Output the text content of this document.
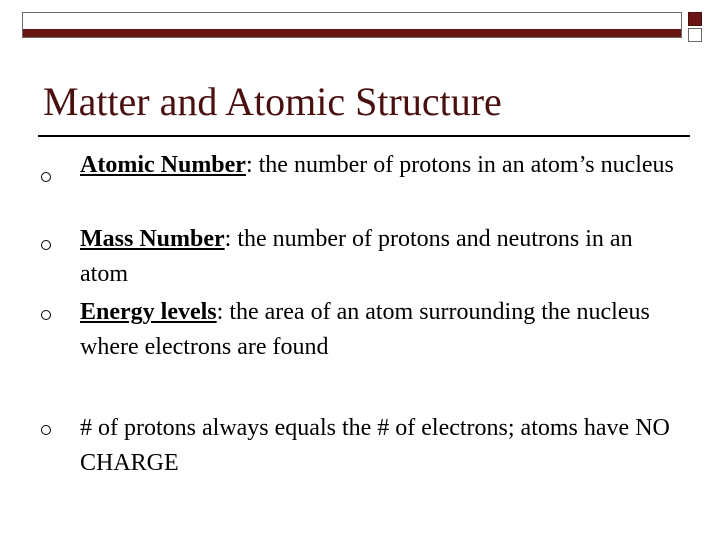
Matter and Atomic Structure

Atomic Number: the number of protons in an atom’s nucleus

Mass Number: the number of protons and neutrons in an atom

Energy levels: the area of an atom surrounding the nucleus where electrons are found

# of protons always equals the # of electrons; atoms have NO CHARGE
